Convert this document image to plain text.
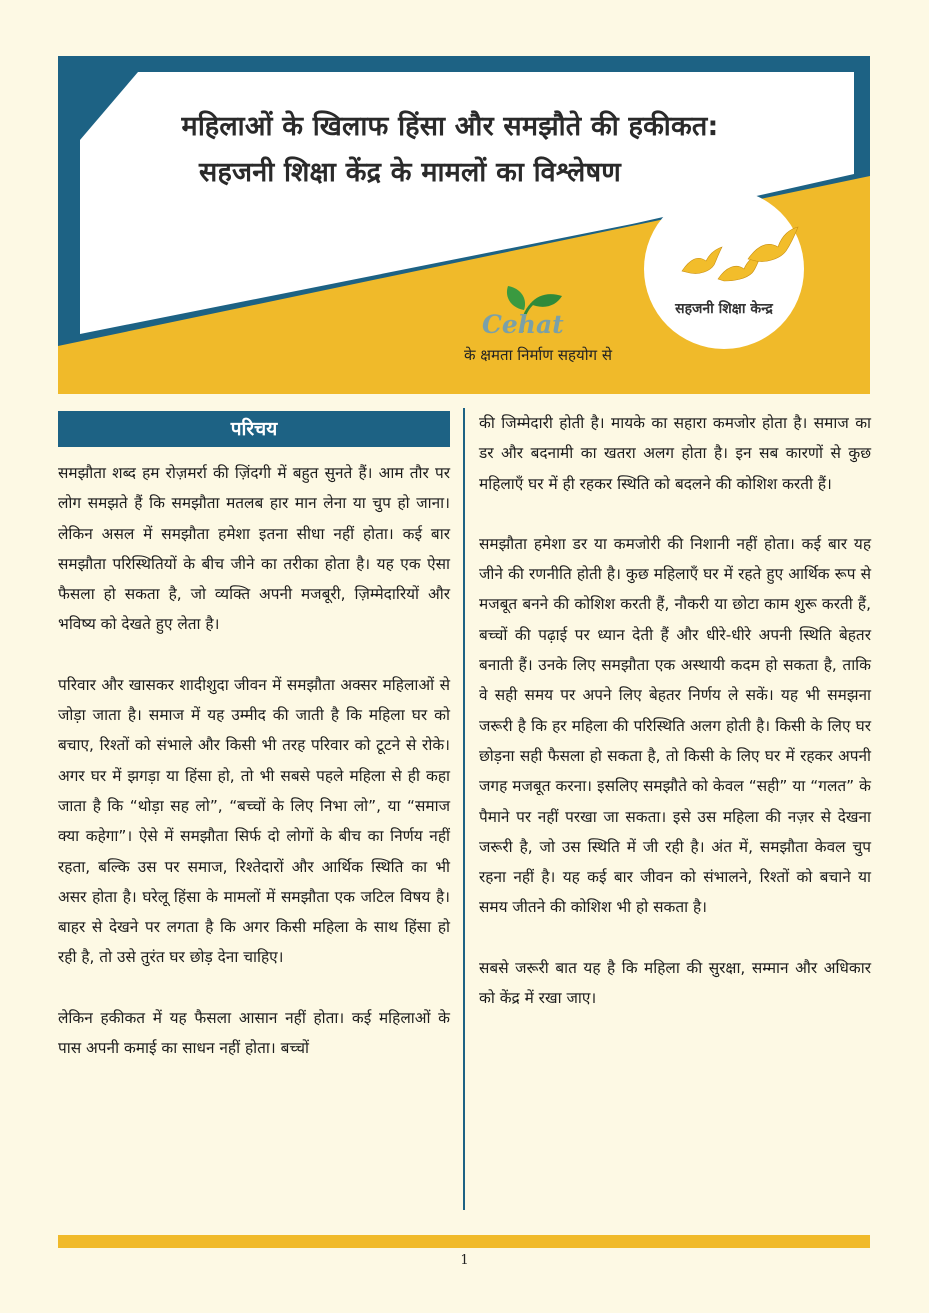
महिलाओं के खिलाफ हिंसा और समझौते की हकीकत:
सहजनी शिक्षा केंद्र के मामलों का विश्लेषण
सहजनी शिक्षा केन्द्र
Cehat
के क्षमता निर्माण सहयोग से
परिचय

समझौता शब्द हम रोज़मर्रा की ज़िंदगी में बहुत सुनते हैं। आम तौर पर लोग समझते हैं कि समझौता मतलब हार मान लेना या चुप हो जाना। लेकिन असल में समझौता हमेशा इतना सीधा नहीं होता। कई बार समझौता परिस्थितियों के बीच जीने का तरीका होता है। यह एक ऐसा फैसला हो सकता है, जो व्यक्ति अपनी मजबूरी, ज़िम्मेदारियों और भविष्य को देखते हुए लेता है।

परिवार और खासकर शादीशुदा जीवन में समझौता अक्सर महिलाओं से जोड़ा जाता है। समाज में यह उम्मीद की जाती है कि महिला घर को बचाए, रिश्तों को संभाले और किसी भी तरह परिवार को टूटने से रोके। अगर घर में झगड़ा या हिंसा हो, तो भी सबसे पहले महिला से ही कहा जाता है कि “थोड़ा सह लो”, “बच्चों के लिए निभा लो”, या “समाज क्या कहेगा”। ऐसे में समझौता सिर्फ दो लोगों के बीच का निर्णय नहीं रहता, बल्कि उस पर समाज, रिश्तेदारों और आर्थिक स्थिति का भी असर होता है। घरेलू हिंसा के मामलों में समझौता एक जटिल विषय है। बाहर से देखने पर लगता है कि अगर किसी महिला के साथ हिंसा हो रही है, तो उसे तुरंत घर छोड़ देना चाहिए।

लेकिन हकीकत में यह फैसला आसान नहीं होता। कई महिलाओं के पास अपनी कमाई का साधन नहीं होता। बच्चों

की जिम्मेदारी होती है। मायके का सहारा कमजोर होता है। समाज का डर और बदनामी का खतरा अलग होता है। इन सब कारणों से कुछ महिलाएँ घर में ही रहकर स्थिति को बदलने की कोशिश करती हैं।

समझौता हमेशा डर या कमजोरी की निशानी नहीं होता। कई बार यह जीने की रणनीति होती है। कुछ महिलाएँ घर में रहते हुए आर्थिक रूप से मजबूत बनने की कोशिश करती हैं, नौकरी या छोटा काम शुरू करती हैं, बच्चों की पढ़ाई पर ध्यान देती हैं और धीरे-धीरे अपनी स्थिति बेहतर बनाती हैं। उनके लिए समझौता एक अस्थायी कदम हो सकता है, ताकि वे सही समय पर अपने लिए बेहतर निर्णय ले सकें। यह भी समझना जरूरी है कि हर महिला की परिस्थिति अलग होती है। किसी के लिए घर छोड़ना सही फैसला हो सकता है, तो किसी के लिए घर में रहकर अपनी जगह मजबूत करना। इसलिए समझौते को केवल “सही” या “गलत” के पैमाने पर नहीं परखा जा सकता। इसे उस महिला की नज़र से देखना जरूरी है, जो उस स्थिति में जी रही है। अंत में, समझौता केवल चुप रहना नहीं है। यह कई बार जीवन को संभालने, रिश्तों को बचाने या समय जीतने की कोशिश भी हो सकता है।

सबसे जरूरी बात यह है कि महिला की सुरक्षा, सम्मान और अधिकार को केंद्र में रखा जाए।

1
